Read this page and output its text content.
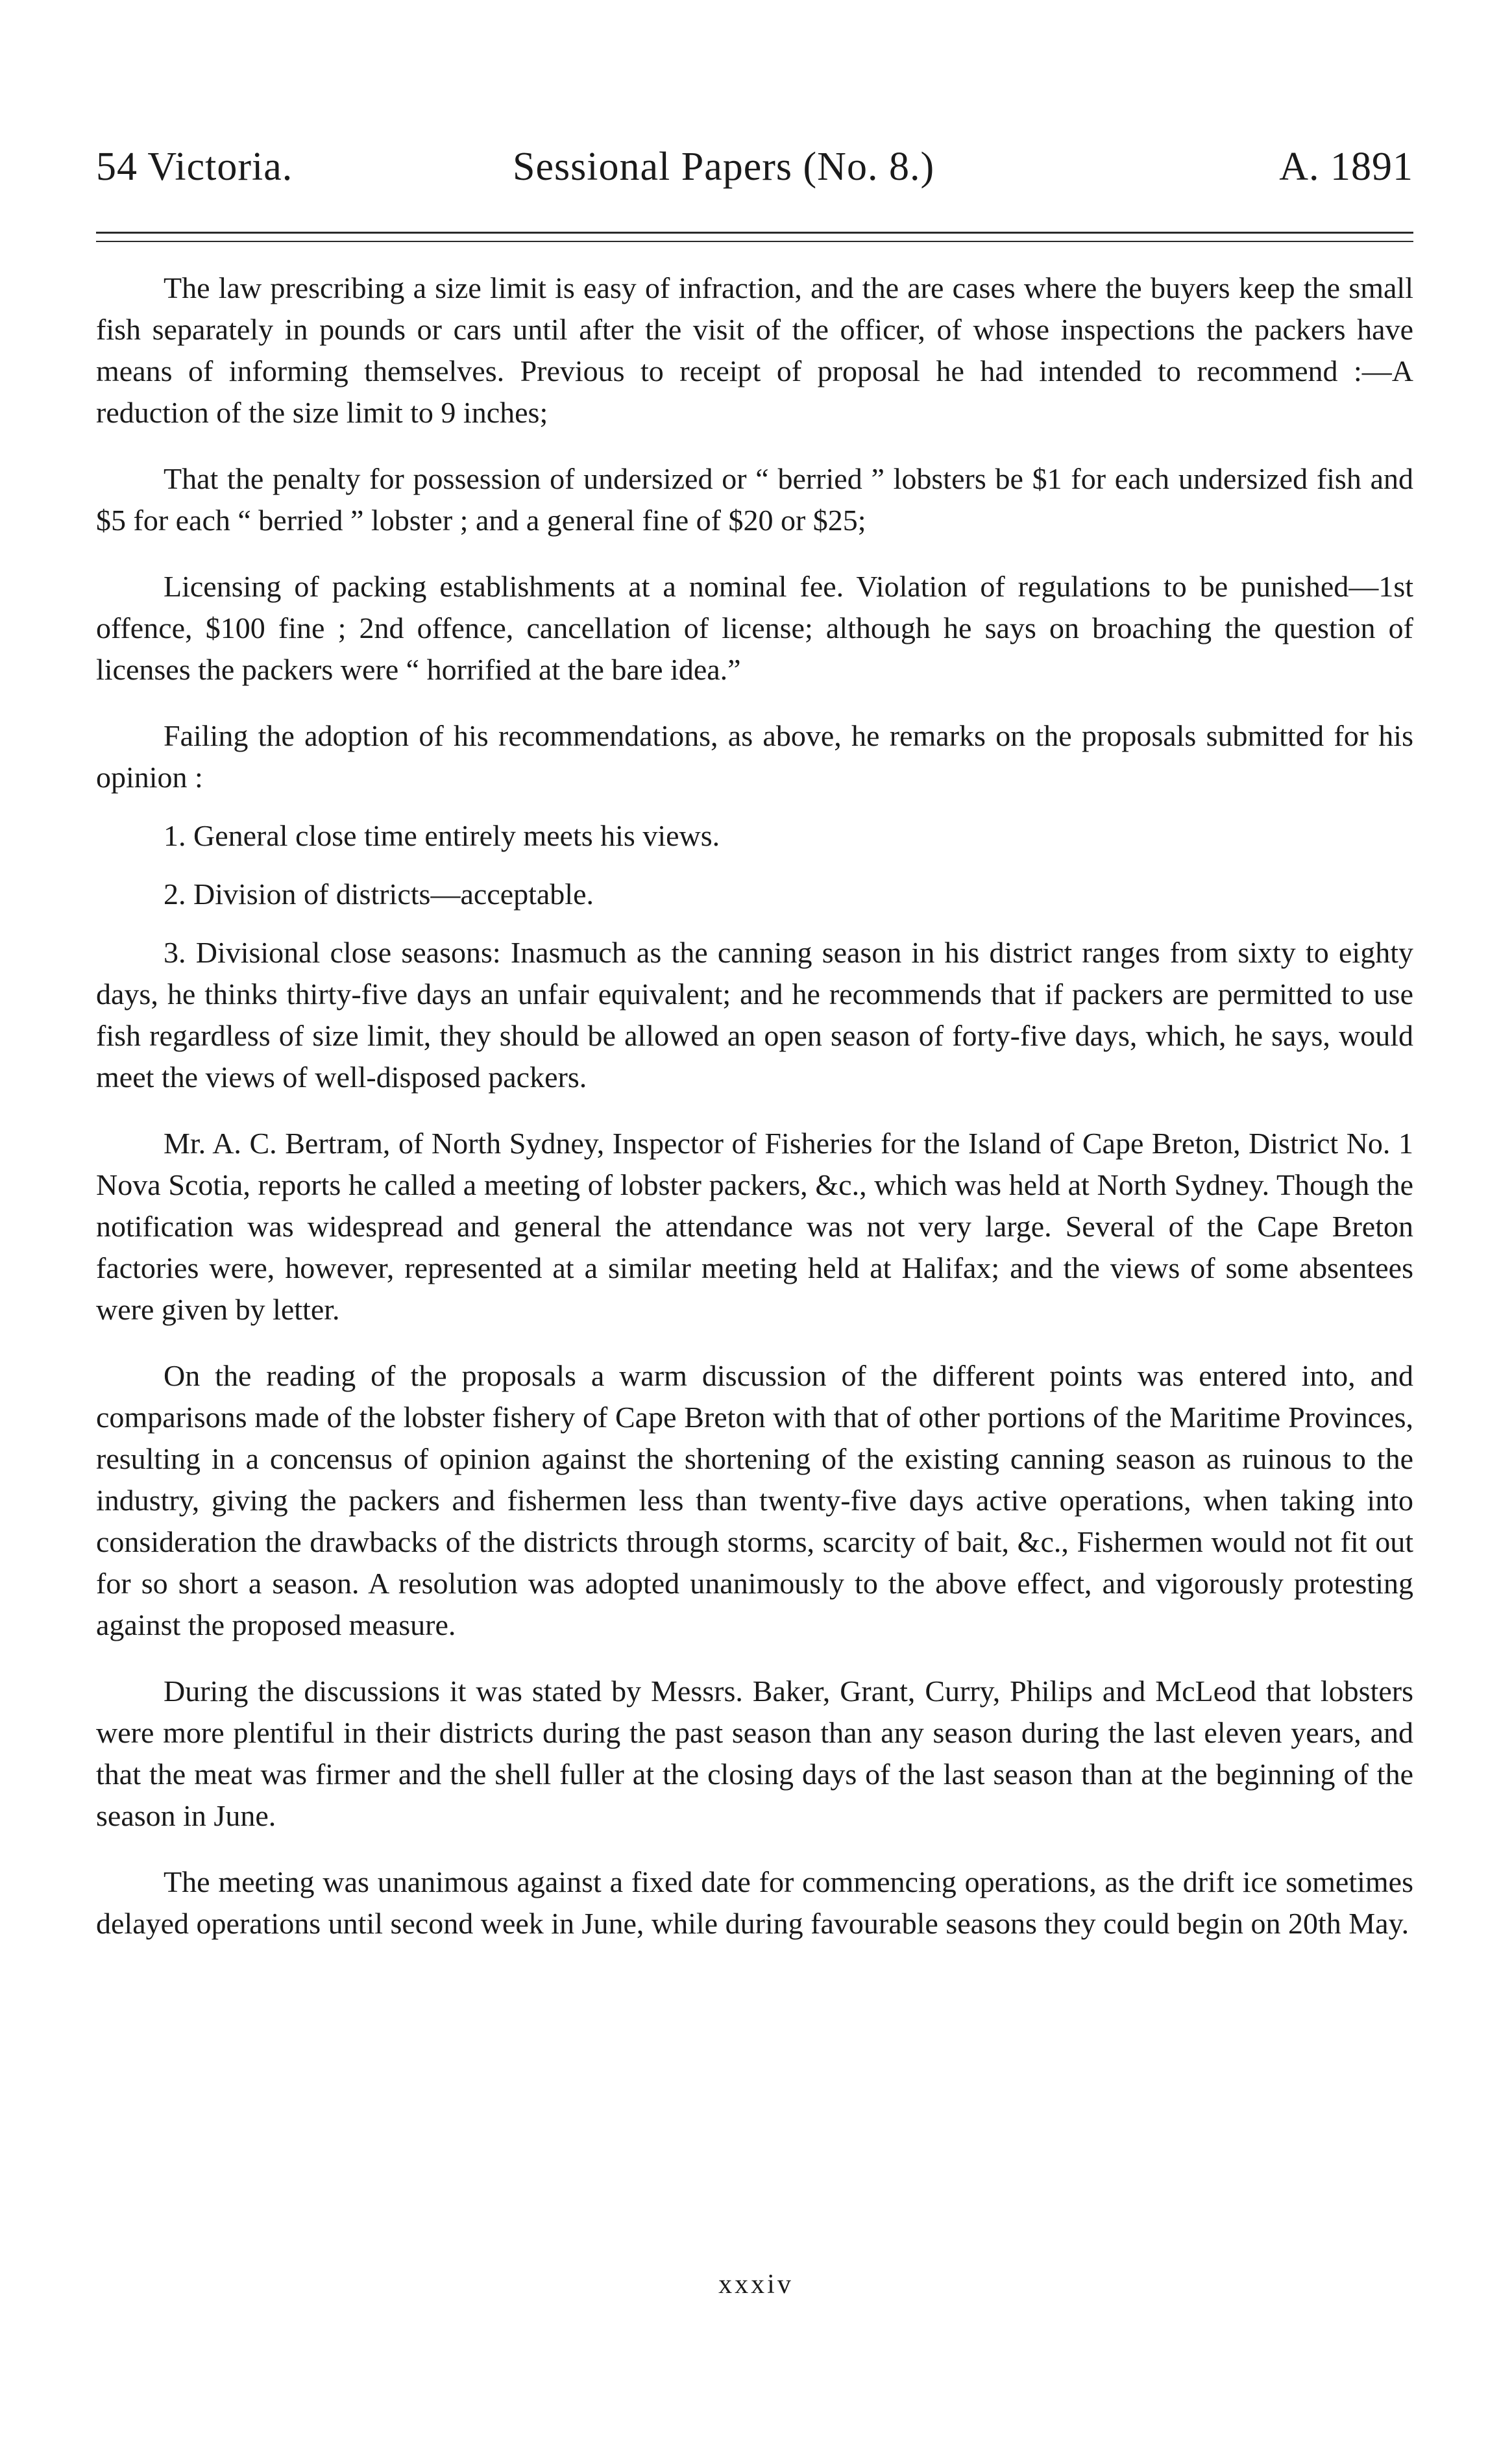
54 Victoria.	Sessional Papers (No. 8.)	A. 1891

The law prescribing a size limit is easy of infraction, and the are cases where the buyers keep the small fish separately in pounds or cars until after the visit of the officer, of whose inspections the packers have means of informing themselves. Previous to receipt of proposal he had intended to recommend :—A reduction of the size limit to 9 inches;

That the penalty for possession of undersized or “ berried ” lobsters be $1 for each undersized fish and $5 for each “ berried ” lobster ; and a general fine of $20 or $25;

Licensing of packing establishments at a nominal fee. Violation of regulations to be punished—1st offence, $100 fine ; 2nd offence, cancellation of license; although he says on broaching the question of licenses the packers were “ horrified at the bare idea.”

Failing the adoption of his recommendations, as above, he remarks on the proposals submitted for his opinion :

1. General close time entirely meets his views.

2. Division of districts—acceptable.

3. Divisional close seasons: Inasmuch as the canning season in his district ranges from sixty to eighty days, he thinks thirty-five days an unfair equivalent; and he recommends that if packers are permitted to use fish regardless of size limit, they should be allowed an open season of forty-five days, which, he says, would meet the views of well-disposed packers.

Mr. A. C. Bertram, of North Sydney, Inspector of Fisheries for the Island of Cape Breton, District No. 1 Nova Scotia, reports he called a meeting of lobster packers, &c., which was held at North Sydney. Though the notification was widespread and general the attendance was not very large. Several of the Cape Breton factories were, however, represented at a similar meeting held at Halifax; and the views of some absentees were given by letter.

On the reading of the proposals a warm discussion of the different points was entered into, and comparisons made of the lobster fishery of Cape Breton with that of other portions of the Maritime Provinces, resulting in a concensus of opinion against the shortening of the existing canning season as ruinous to the industry, giving the packers and fishermen less than twenty-five days active operations, when taking into consideration the drawbacks of the districts through storms, scarcity of bait, &c., Fishermen would not fit out for so short a season. A resolution was adopted unanimously to the above effect, and vigorously protesting against the proposed measure.

During the discussions it was stated by Messrs. Baker, Grant, Curry, Philips and McLeod that lobsters were more plentiful in their districts during the past season than any season during the last eleven years, and that the meat was firmer and the shell fuller at the closing days of the last season than at the beginning of the season in June.

The meeting was unanimous against a fixed date for commencing operations, as the drift ice sometimes delayed operations until second week in June, while during favourable seasons they could begin on 20th May.

xxxiv
